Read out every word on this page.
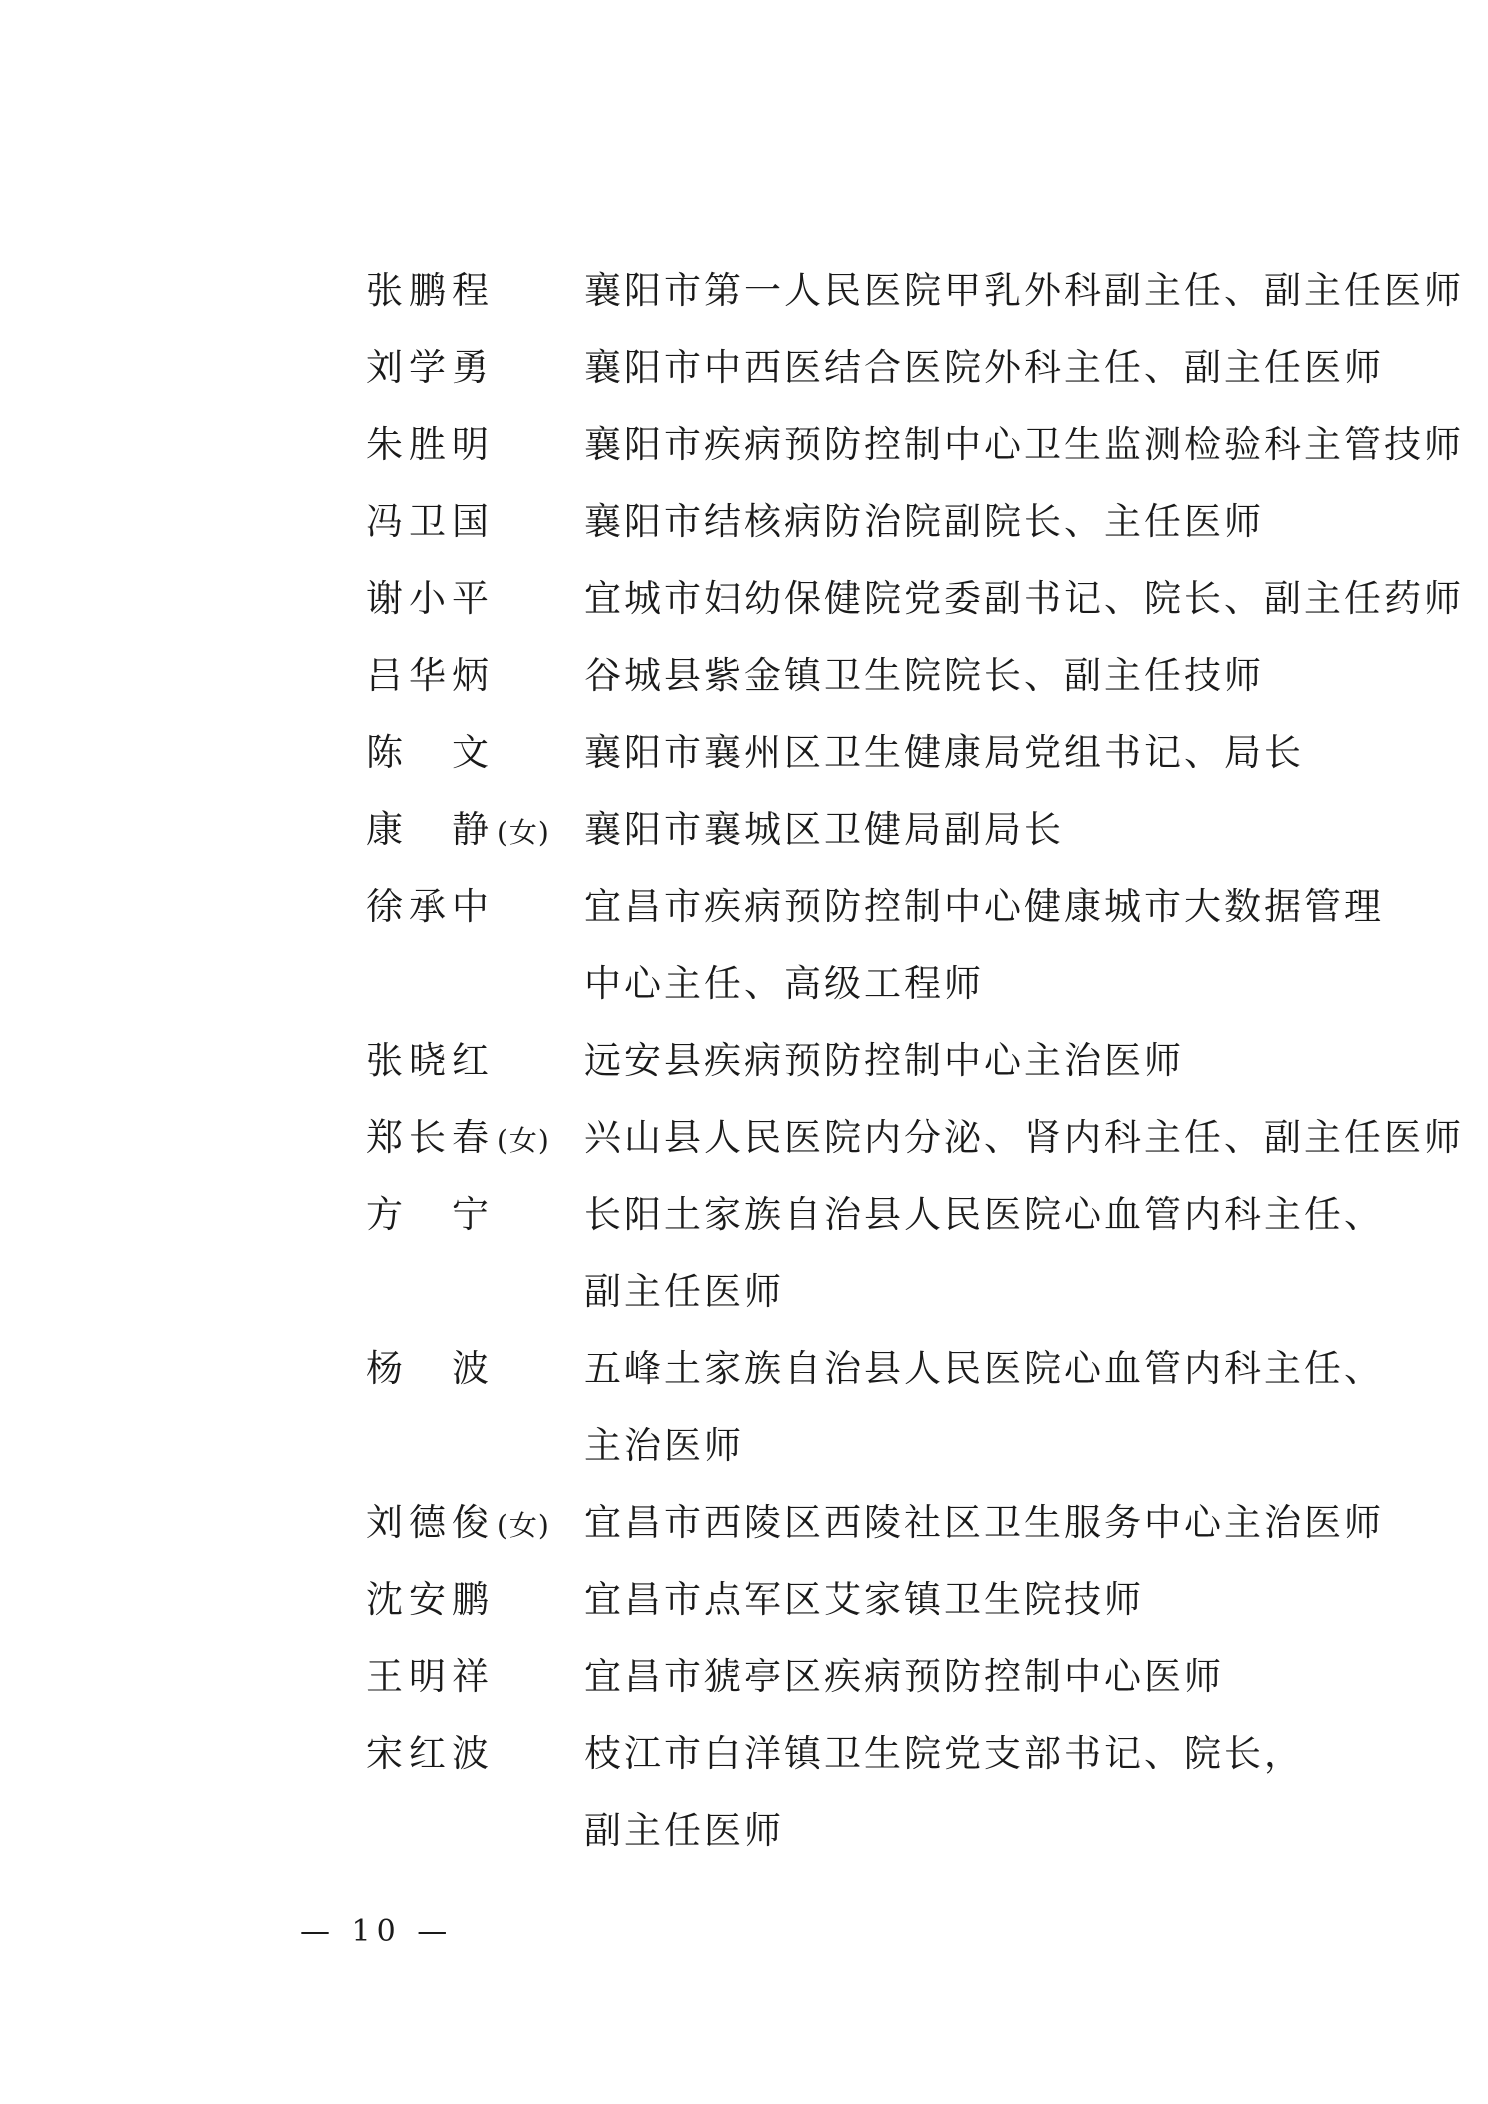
张鹏程	襄阳市第一人民医院甲乳外科副主任、副主任医师
刘学勇	襄阳市中西医结合医院外科主任、副主任医师
朱胜明	襄阳市疾病预防控制中心卫生监测检验科主管技师
冯卫国	襄阳市结核病防治院副院长、主任医师
谢小平	宜城市妇幼保健院党委副书记、院长、副主任药师
吕华炳	谷城县紫金镇卫生院院长、副主任技师
陈　文	襄阳市襄州区卫生健康局党组书记、局长
康　静(女) 襄阳市襄城区卫健局副局长
徐承中	宜昌市疾病预防控制中心健康城市大数据管理
中心主任、高级工程师
张晓红	远安县疾病预防控制中心主治医师
郑长春(女) 兴山县人民医院内分泌、肾内科主任、副主任医师
方　宁	长阳土家族自治县人民医院心血管内科主任、
副主任医师
杨　波	五峰土家族自治县人民医院心血管内科主任、
主治医师
刘德俊(女) 宜昌市西陵区西陵社区卫生服务中心主治医师
沈安鹏	宜昌市点军区艾家镇卫生院技师
王明祥	宜昌市猇亭区疾病预防控制中心医师
宋红波	枝江市白洋镇卫生院党支部书记、院长，
副主任医师
— 10 —
